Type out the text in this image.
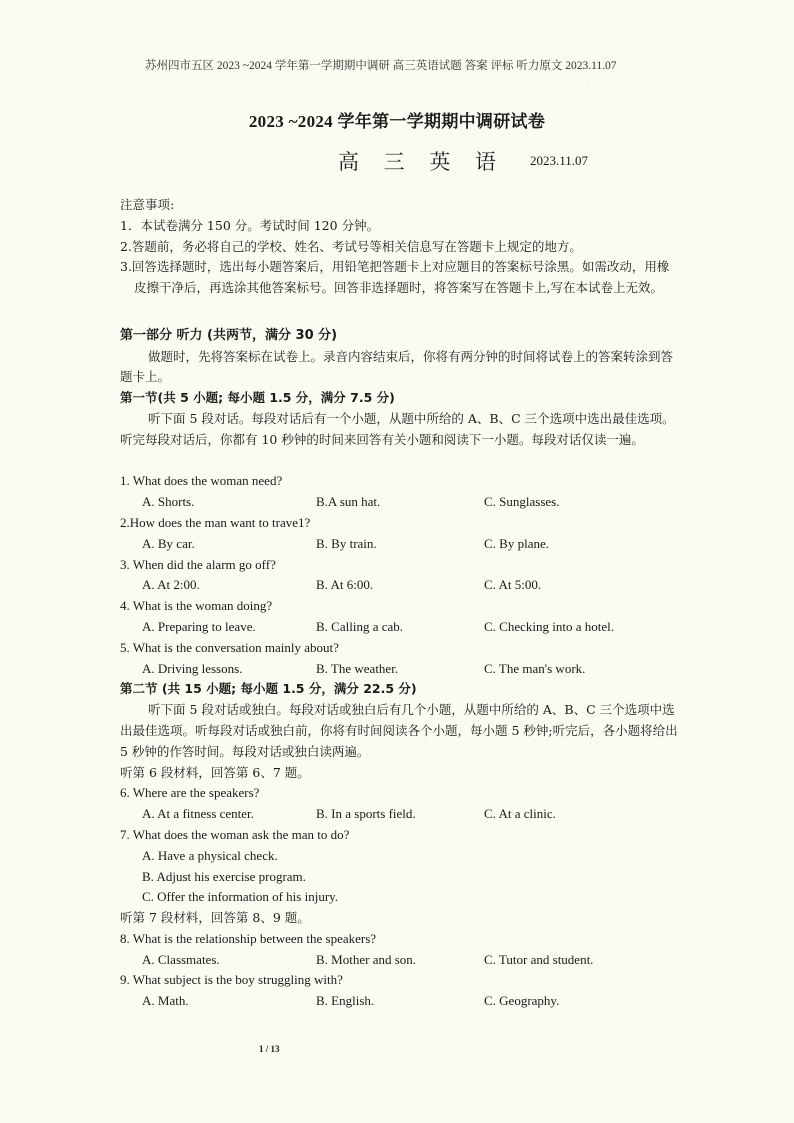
苏州四市五区 2023 ~2024 学年第一学期期中调研 高三英语试题 答案 评标 听力原文 2023.11.07
.
2023 ~2024 学年第一学期期中调研试卷
高 三 英 语 2023.11.07
注意事项:
1．本试卷满分 150 分。考试时间 120 分钟。
2.答题前，务必将自己的学校、姓名、考试号等相关信息写在答题卡上规定的地方。
3.回答选择题时，选出每小题答案后，用铅笔把答题卡上对应题目的答案标号涂黑。如需改动，用橡皮擦干净后，再选涂其他答案标号。回答非选择题时，将答案写在答题卡上,写在本试卷上无效。
第一部分 听力 (共两节，满分 30 分)
做题时，先将答案标在试卷上。录音内容结束后，你将有两分钟的时间将试卷上的答案转涂到答题卡上。
第一节(共 5 小题; 每小题 1.5 分，满分 7.5 分)
听下面 5 段对话。每段对话后有一个小题，从题中所给的 A、B、C 三个选项中选出最佳选项。听完每段对话后，你都有 10 秒钟的时间来回答有关小题和阅读下一小题。每段对话仅读一遍。
1. What does the woman need?
A. Shorts.	B.A sun hat.	C. Sunglasses.
2.How does the man want to trave1?
A. By car.	B. By train.	C. By plane.
3. When did the alarm go off?
A. At 2:00.	B. At 6:00.	C. At 5:00.
4. What is the woman doing?
A. Preparing to leave.	B. Calling a cab.	C. Checking into a hotel.
5. What is the conversation mainly about?
A. Driving lessons.	B. The weather.	C. The man's work.
第二节 (共 15 小题; 每小题 1.5 分，满分 22.5 分)
听下面 5 段对话或独白。每段对话或独白后有几个小题，从题中所给的 A、B、C 三个选项中选出最佳选项。听每段对话或独白前，你将有时间阅读各个小题，每小题 5 秒钟;听完后，各小题将给出 5 秒钟的作答时间。每段对话或独白读两遍。
听第 6 段材料，回答第 6、7 题。
6. Where are the speakers?
A. At a fitness center.	B. In a sports field.	C. At a clinic.
7. What does the woman ask the man to do?
A. Have a physical check.
B. Adjust his exercise program.
C. Offer the information of his injury.
听第 7 段材料，回答第 8、9 题。
8. What is the relationship between the speakers?
A. Classmates.	B. Mother and son.	C. Tutor and student.
9. What subject is the boy struggling with?
A. Math.	B. English.	C. Geography.
1 / 13
